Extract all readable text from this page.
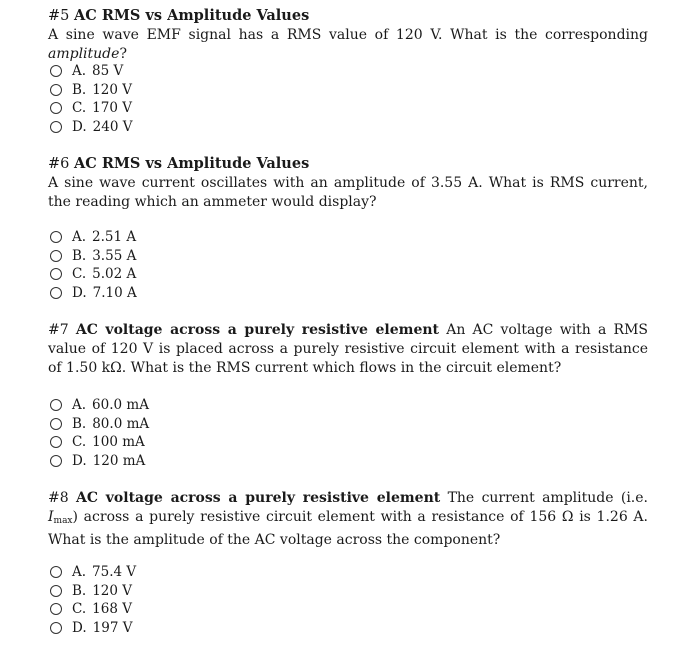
#5 AC RMS vs Amplitude Values

A sine wave EMF signal has a RMS value of 120 V. What is the corresponding amplitude?

A. 85 V
B. 120 V
C. 170 V
D. 240 V

#6 AC RMS vs Amplitude Values

A sine wave current oscillates with an amplitude of 3.55 A. What is RMS current, the reading which an ammeter would display?

A. 2.51 A
B. 3.55 A
C. 5.02 A
D. 7.10 A

#7 AC voltage across a purely resistive element An AC voltage with a RMS value of 120 V is placed across a purely resistive circuit element with a resistance of 1.50 kΩ. What is the RMS current which flows in the circuit element?

A. 60.0 mA
B. 80.0 mA
C. 100 mA
D. 120 mA

#8 AC voltage across a purely resistive element The current amplitude (i.e. $I_{max}$) across a purely resistive circuit element with a resistance of 156 Ω is 1.26 A. What is the amplitude of the AC voltage across the component?

A. 75.4 V
B. 120 V
C. 168 V
D. 197 V
